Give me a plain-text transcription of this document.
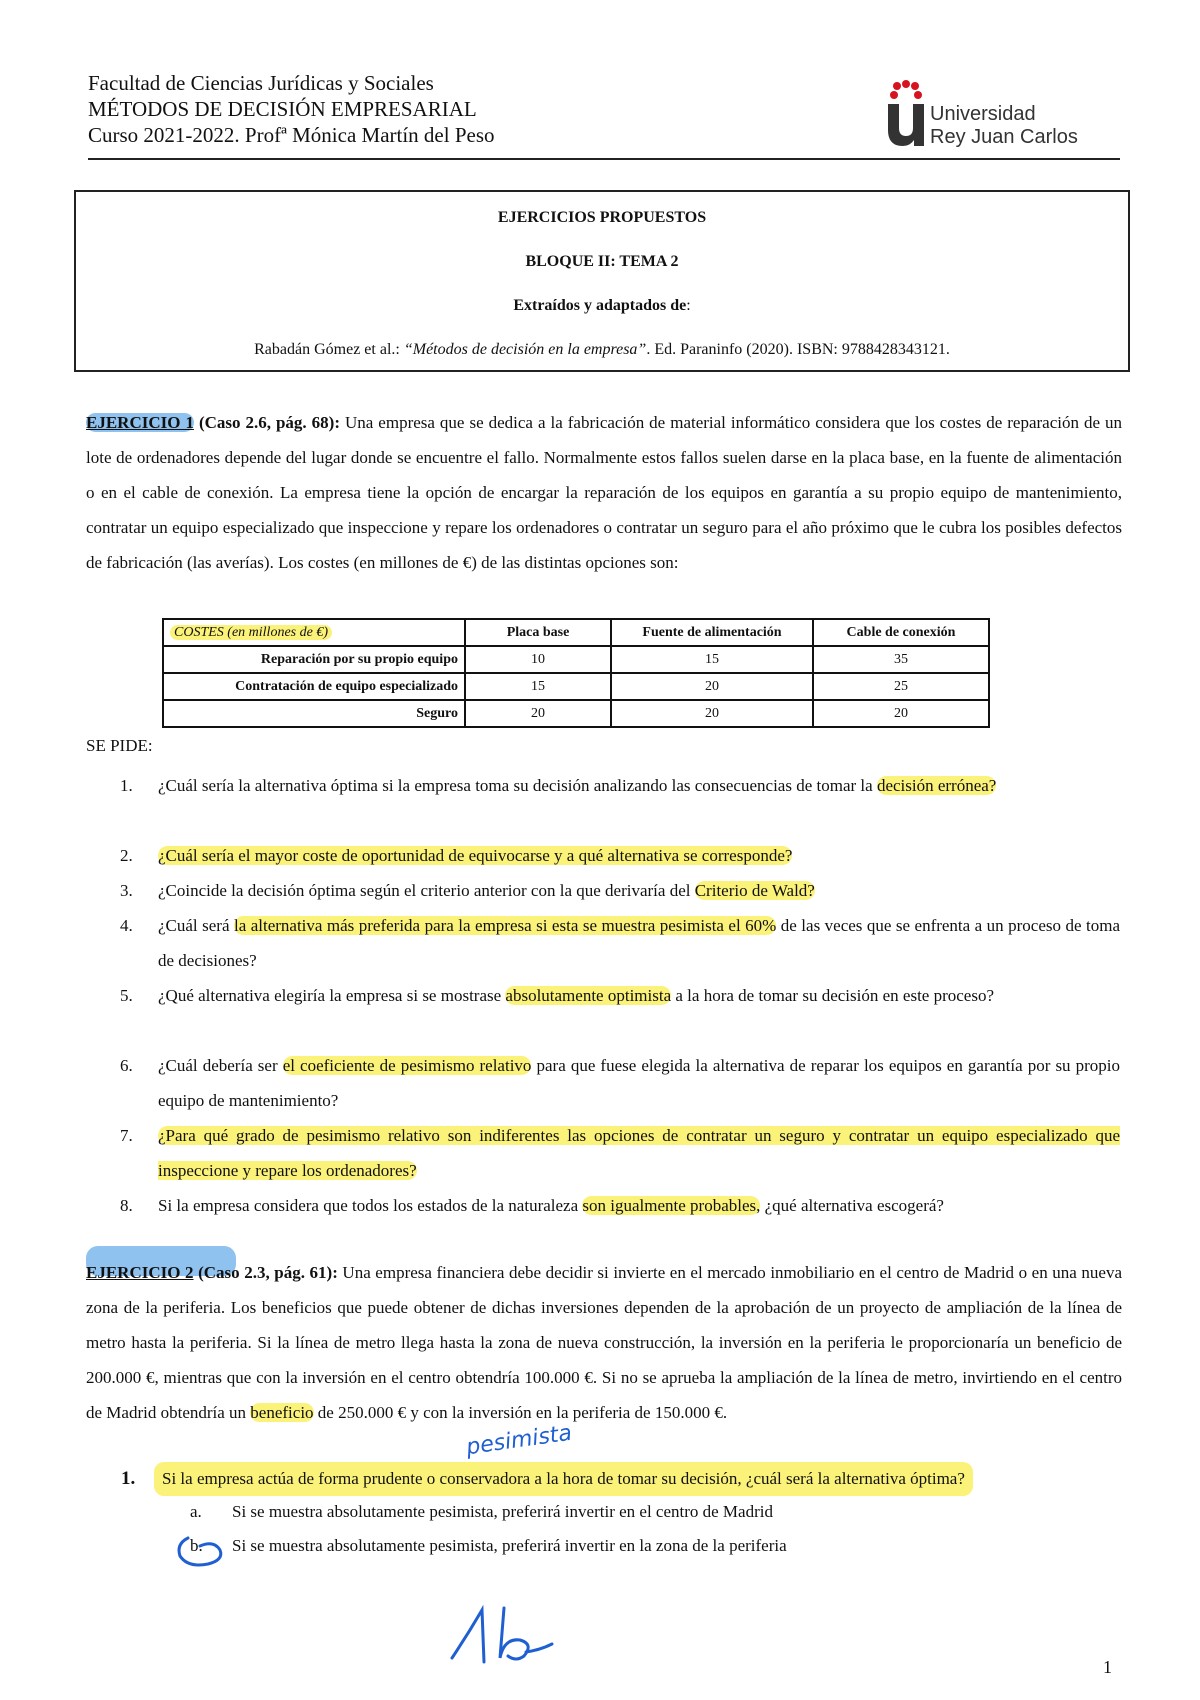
Facultad de Ciencias Jurídicas y Sociales
MÉTODOS DE DECISIÓN EMPRESARIAL
Curso 2021-2022. Profª Mónica Martín del Peso
Universidad
Rey Juan Carlos
EJERCICIOS PROPUESTOS
BLOQUE II: TEMA 2
Extraídos y adaptados de:
Rabadán Gómez et al.: “Métodos de decisión en la empresa”. Ed. Paraninfo (2020). ISBN: 9788428343121.
EJERCICIO 1 (Caso 2.6, pág. 68): Una empresa que se dedica a la fabricación de material informático considera que los costes de reparación de un lote de ordenadores depende del lugar donde se encuentre el fallo. Normalmente estos fallos suelen darse en la placa base, en la fuente de alimentación o en el cable de conexión. La empresa tiene la opción de encargar la reparación de los equipos en garantía a su propio equipo de mantenimiento, contratar un equipo especializado que inspeccione y repare los ordenadores o contratar un seguro para el año próximo que le cubra los posibles defectos de fabricación (las averías). Los costes (en millones de €) de las distintas opciones son:
COSTES (en millones de €)	Placa base	Fuente de alimentación	Cable de conexión
Reparación por su propio equipo	10	15	35
Contratación de equipo especializado	15	20	25
Seguro	20	20	20
SE PIDE:
1.	¿Cuál sería la alternativa óptima si la empresa toma su decisión analizando las consecuencias de tomar la decisión errónea?
2.	¿Cuál sería el mayor coste de oportunidad de equivocarse y a qué alternativa se corresponde?
3.	¿Coincide la decisión óptima según el criterio anterior con la que derivaría del Criterio de Wald?
4.	¿Cuál será la alternativa más preferida para la empresa si esta se muestra pesimista el 60% de las veces que se enfrenta a un proceso de toma de decisiones?
5.	¿Qué alternativa elegiría la empresa si se mostrase absolutamente optimista a la hora de tomar su decisión en este proceso?
6.	¿Cuál debería ser el coeficiente de pesimismo relativo para que fuese elegida la alternativa de reparar los equipos en garantía por su propio equipo de mantenimiento?
7.	¿Para qué grado de pesimismo relativo son indiferentes las opciones de contratar un seguro y contratar un equipo especializado que inspeccione y repare los ordenadores?
8.	Si la empresa considera que todos los estados de la naturaleza son igualmente probables, ¿qué alternativa escogerá?
EJERCICIO 2 (Caso 2.3, pág. 61): Una empresa financiera debe decidir si invierte en el mercado inmobiliario en el centro de Madrid o en una nueva zona de la periferia. Los beneficios que puede obtener de dichas inversiones dependen de la aprobación de un proyecto de ampliación de la línea de metro hasta la periferia. Si la línea de metro llega hasta la zona de nueva construcción, la inversión en la periferia le proporcionaría un beneficio de 200.000 €, mientras que con la inversión en el centro obtendría 100.000 €. Si no se aprueba la ampliación de la línea de metro, invirtiendo en el centro de Madrid obtendría un beneficio de 250.000 € y con la inversión en la periferia de 150.000 €.
pesimista
1.	Si la empresa actúa de forma prudente o conservadora a la hora de tomar su decisión, ¿cuál será la alternativa óptima?
a. Si se muestra absolutamente pesimista, preferirá invertir en el centro de Madrid
b. Si se muestra absolutamente pesimista, preferirá invertir en la zona de la periferia
1
